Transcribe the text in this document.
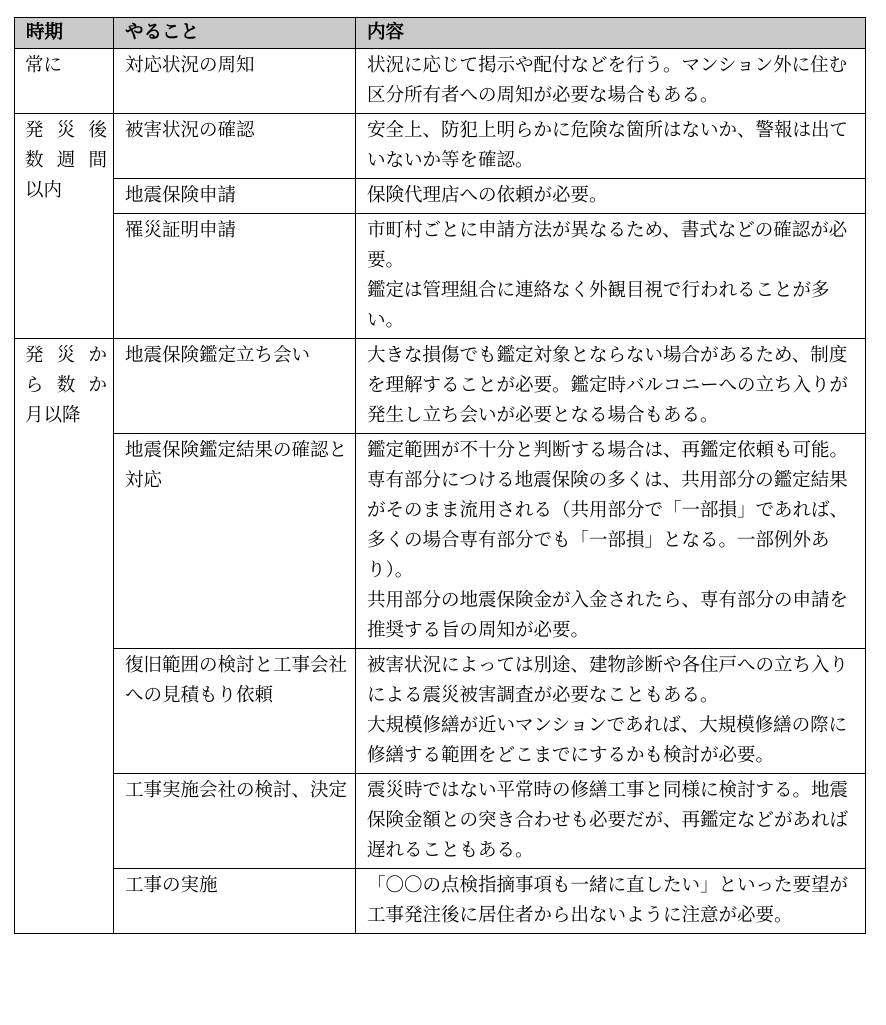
時期	やること	内容

常に	対応状況の周知	状況に応じて掲示や配付などを行う。マンション外に住む区分所有者への周知が必要な場合もある。

発 災 後
数 週 間
以内	被害状況の確認	安全上、防犯上明らかに危険な箇所はないか、警報は出ていないか等を確認。

	地震保険申請	保険代理店への依頼が必要。

	罹災証明申請	市町村ごとに申請方法が異なるため、書式などの確認が必要。
鑑定は管理組合に連絡なく外観目視で行われることが多い。

発 災 か
ら 数 か
月以降	地震保険鑑定立ち会い	大きな損傷でも鑑定対象とならない場合があるため、制度を理解することが必要。鑑定時バルコニーへの立ち入りが発生し立ち会いが必要となる場合もある。

	地震保険鑑定結果の確認と対応	鑑定範囲が不十分と判断する場合は、再鑑定依頼も可能。
専有部分につける地震保険の多くは、共用部分の鑑定結果がそのまま流用される（共用部分で「一部損」であれば、多くの場合専有部分でも「一部損」となる。一部例外あり）。
共用部分の地震保険金が入金されたら、専有部分の申請を推奨する旨の周知が必要。

	復旧範囲の検討と工事会社への見積もり依頼	被害状況によっては別途、建物診断や各住戸への立ち入りによる震災被害調査が必要なこともある。
大規模修繕が近いマンションであれば、大規模修繕の際に修繕する範囲をどこまでにするかも検討が必要。

	工事実施会社の検討、決定	震災時ではない平常時の修繕工事と同様に検討する。地震保険金額との突き合わせも必要だが、再鑑定などがあれば遅れることもある。

	工事の実施	「〇〇の点検指摘事項も一緒に直したい」といった要望が工事発注後に居住者から出ないように注意が必要。
